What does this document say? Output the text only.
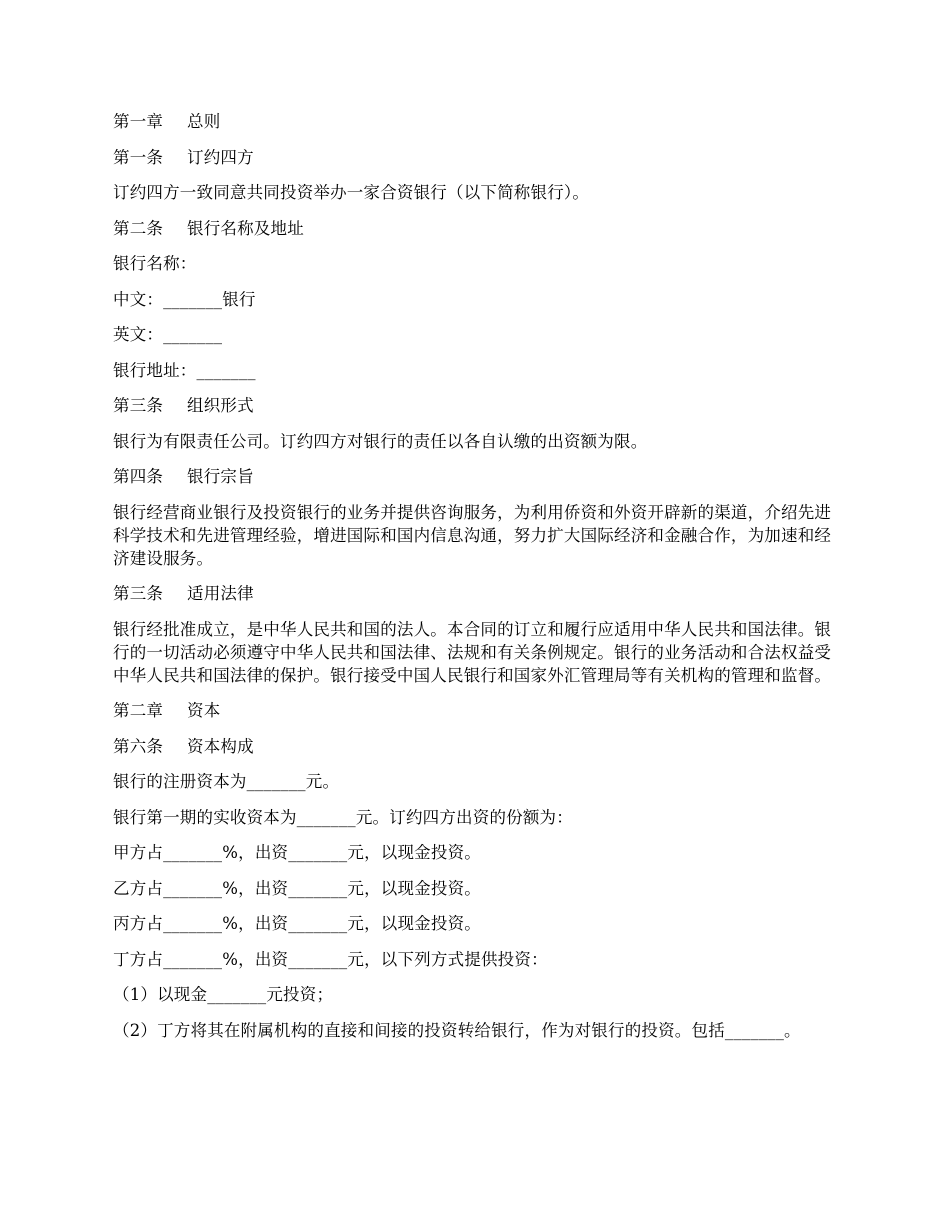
第一章 总则
第一条 订约四方
订约四方一致同意共同投资举办一家合资银行（以下简称银行）。
第二条 银行名称及地址
银行名称：
中文：_______银行
英文：_______
银行地址：_______
第三条 组织形式
银行为有限责任公司。订约四方对银行的责任以各自认缴的出资额为限。
第四条 银行宗旨
银行经营商业银行及投资银行的业务并提供咨询服务，为利用侨资和外资开辟新的渠道，介绍先进科学技术和先进管理经验，增进国际和国内信息沟通，努力扩大国际经济和金融合作，为加速和经济建设服务。
第三条 适用法律
银行经批准成立，是中华人民共和国的法人。本合同的订立和履行应适用中华人民共和国法律。银行的一切活动必须遵守中华人民共和国法律、法规和有关条例规定。银行的业务活动和合法权益受中华人民共和国法律的保护。银行接受中国人民银行和国家外汇管理局等有关机构的管理和监督。
第二章 资本
第六条 资本构成
银行的注册资本为_______元。
银行第一期的实收资本为_______元。订约四方出资的份额为：
甲方占_______%，出资_______元，以现金投资。
乙方占_______%，出资_______元，以现金投资。
丙方占_______%，出资_______元，以现金投资。
丁方占_______%，出资_______元，以下列方式提供投资：
（1）以现金_______元投资；
（2）丁方将其在附属机构的直接和间接的投资转给银行，作为对银行的投资。包括_______。
